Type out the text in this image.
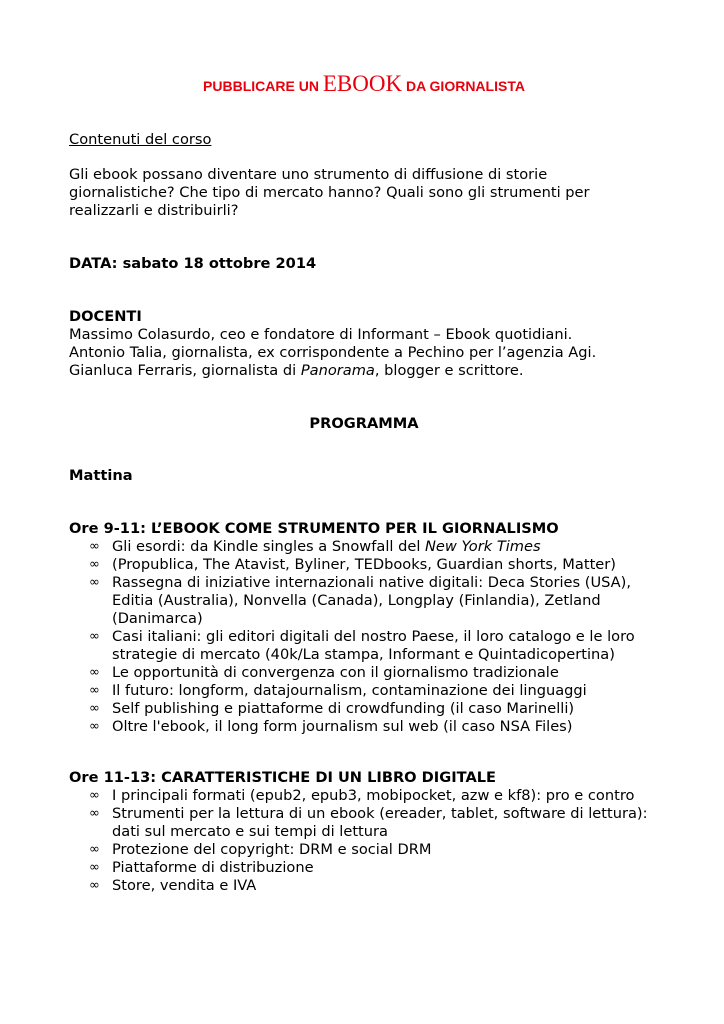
PUBBLICARE UN EBOOK DA GIORNALISTA
Contenuti del corso
Gli ebook possano diventare uno strumento di diffusione di storie
giornalistiche? Che tipo di mercato hanno? Quali sono gli strumenti per
realizzarli e distribuirli?
DATA: sabato 18 ottobre 2014
DOCENTI
Massimo Colasurdo, ceo e fondatore di Informant – Ebook quotidiani.
Antonio Talia, giornalista, ex corrispondente a Pechino per l’agenzia Agi.
Gianluca Ferraris, giornalista di Panorama, blogger e scrittore.
PROGRAMMA
Mattina
Ore 9-11: L’EBOOK COME STRUMENTO PER IL GIORNALISMO
∞ Gli esordi: da Kindle singles a Snowfall del New York Times
∞ (Propublica, The Atavist, Byliner, TEDbooks, Guardian shorts, Matter)
∞ Rassegna di iniziative internazionali native digitali: Deca Stories (USA),
Editia (Australia), Nonvella (Canada), Longplay (Finlandia), Zetland
(Danimarca)
∞ Casi italiani: gli editori digitali del nostro Paese, il loro catalogo e le loro
strategie di mercato (40k/La stampa, Informant e Quintadicopertina)
∞ Le opportunità di convergenza con il giornalismo tradizionale
∞ Il futuro: longform, datajournalism, contaminazione dei linguaggi
∞ Self publishing e piattaforme di crowdfunding (il caso Marinelli)
∞ Oltre l'ebook, il long form journalism sul web (il caso NSA Files)
Ore 11-13: CARATTERISTICHE DI UN LIBRO DIGITALE
∞ I principali formati (epub2, epub3, mobipocket, azw e kf8): pro e contro
∞ Strumenti per la lettura di un ebook (ereader, tablet, software di lettura):
dati sul mercato e sui tempi di lettura
∞ Protezione del copyright: DRM e social DRM
∞ Piattaforme di distribuzione
∞ Store, vendita e IVA
